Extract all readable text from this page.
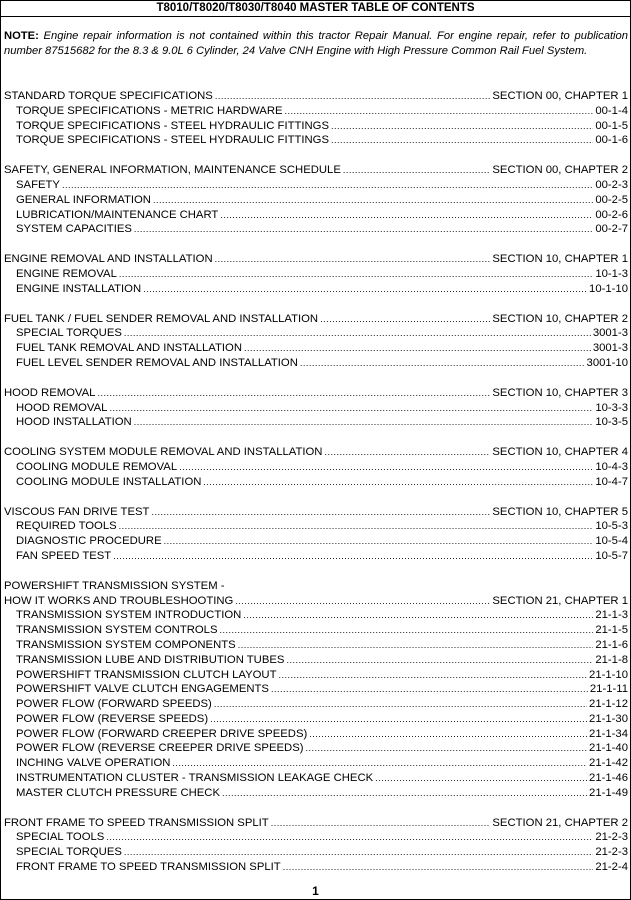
T8010/T8020/T8030/T8040 MASTER TABLE OF CONTENTS
NOTE: Engine repair information is not contained within this tractor Repair Manual. For engine repair, refer to publication number 87515682 for the 8.3 & 9.0L 6 Cylinder, 24 Valve CNH Engine with High Pressure Common Rail Fuel System.
STANDARD TORQUE SPECIFICATIONS .....	SECTION 00, CHAPTER 1
TORQUE SPECIFICATIONS - METRIC HARDWARE .....	00-1-4
TORQUE SPECIFICATIONS - STEEL HYDRAULIC FITTINGS .....	00-1-5
TORQUE SPECIFICATIONS - STEEL HYDRAULIC FITTINGS .....	00-1-6
SAFETY, GENERAL INFORMATION, MAINTENANCE SCHEDULE .....	SECTION 00, CHAPTER 2
SAFETY .....	00-2-3
GENERAL INFORMATION .....	00-2-5
LUBRICATION/MAINTENANCE CHART .....	00-2-6
SYSTEM CAPACITIES .....	00-2-7
ENGINE REMOVAL AND INSTALLATION .....	SECTION 10, CHAPTER 1
ENGINE REMOVAL .....	10-1-3
ENGINE INSTALLATION .....	10-1-10
FUEL TANK / FUEL SENDER REMOVAL AND INSTALLATION .....	SECTION 10, CHAPTER 2
SPECIAL TORQUES .....	3001-3
FUEL TANK REMOVAL AND INSTALLATION .....	3001-3
FUEL LEVEL SENDER REMOVAL AND INSTALLATION .....	3001-10
HOOD REMOVAL .....	SECTION 10, CHAPTER 3
HOOD REMOVAL .....	10-3-3
HOOD INSTALLATION .....	10-3-5
COOLING SYSTEM MODULE REMOVAL AND INSTALLATION .....	SECTION 10, CHAPTER 4
COOLING MODULE REMOVAL .....	10-4-3
COOLING MODULE INSTALLATION .....	10-4-7
VISCOUS FAN DRIVE TEST .....	SECTION 10, CHAPTER 5
REQUIRED TOOLS .....	10-5-3
DIAGNOSTIC PROCEDURE .....	10-5-4
FAN SPEED TEST .....	10-5-7
POWERSHIFT TRANSMISSION SYSTEM -
HOW IT WORKS AND TROUBLESHOOTING .....	SECTION 21, CHAPTER 1
TRANSMISSION SYSTEM INTRODUCTION .....	21-1-3
TRANSMISSION SYSTEM CONTROLS .....	21-1-5
TRANSMISSION SYSTEM COMPONENTS .....	21-1-6
TRANSMISSION LUBE AND DISTRIBUTION TUBES .....	21-1-8
POWERSHIFT TRANSMISSION CLUTCH LAYOUT .....	21-1-10
POWERSHIFT VALVE CLUTCH ENGAGEMENTS .....	21-1-11
POWER FLOW (FORWARD SPEEDS) .....	21-1-12
POWER FLOW (REVERSE SPEEDS) .....	21-1-30
POWER FLOW (FORWARD CREEPER DRIVE SPEEDS) .....	21-1-34
POWER FLOW (REVERSE CREEPER DRIVE SPEEDS) .....	21-1-40
INCHING VALVE OPERATION .....	21-1-42
INSTRUMENTATION CLUSTER - TRANSMISSION LEAKAGE CHECK .....	21-1-46
MASTER CLUTCH PRESSURE CHECK .....	21-1-49
FRONT FRAME TO SPEED TRANSMISSION SPLIT .....	SECTION 21, CHAPTER 2
SPECIAL TOOLS .....	21-2-3
SPECIAL TORQUES .....	21-2-3
FRONT FRAME TO SPEED TRANSMISSION SPLIT .....	21-2-4
1
